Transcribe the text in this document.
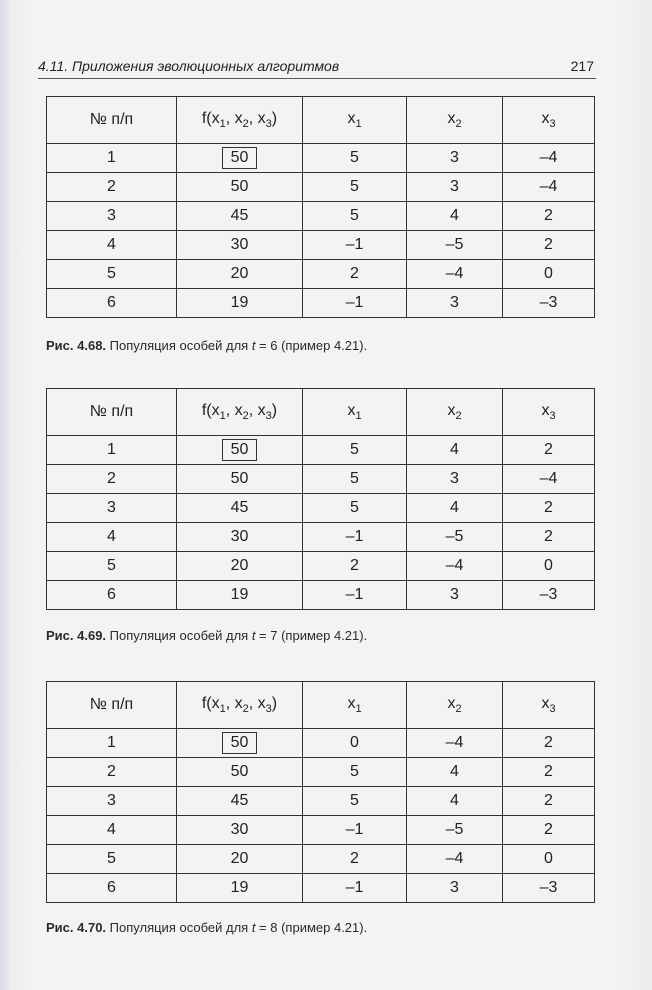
4.11. Приложения эволюционных алгоритмов	217
№ п/п	$f(x_1$, $x_2$, $x_3$)	$x_1$	$x_2$	$x_3$
1	50	5	3	–4
2	50	5	3	–4
3	45	5	4	2
4	30	–1	–5	2
5	20	2	–4	0
6	19	–1	3	–3
Рис. 4.68. Популяция особей для t = 6 (пример 4.21).
№ п/п	$f(x_1$, $x_2$, $x_3$)	$x_1$	$x_2$	$x_3$
1	50	5	4	2
2	50	5	3	–4
3	45	5	4	2
4	30	–1	–5	2
5	20	2	–4	0
6	19	–1	3	–3
Рис. 4.69. Популяция особей для t = 7 (пример 4.21).
№ п/п	$f(x_1$, $x_2$, $x_3$)	$x_1$	$x_2$	$x_3$
1	50	0	–4	2
2	50	5	4	2
3	45	5	4	2
4	30	–1	–5	2
5	20	2	–4	0
6	19	–1	3	–3
Рис. 4.70. Популяция особей для t = 8 (пример 4.21).
